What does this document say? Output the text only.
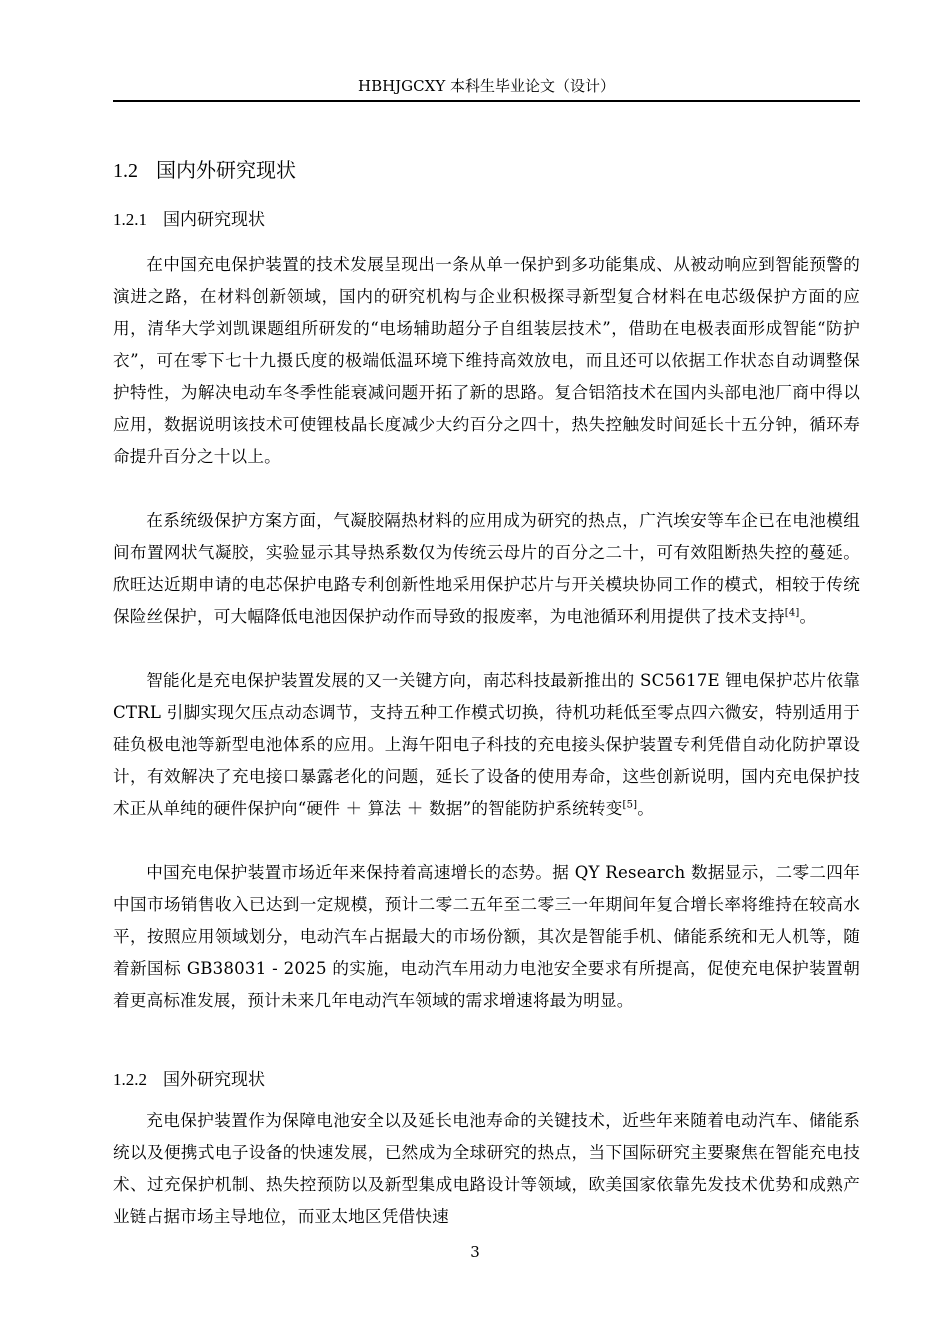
HBHJGCXY 本科生毕业论文（设计）
1.2 国内外研究现状
1.2.1 国内研究现状
在中国充电保护装置的技术发展呈现出一条从单一保护到多功能集成、从被动响应到智能预警的演进之路，在材料创新领域，国内的研究机构与企业积极探寻新型复合材料在电芯级保护方面的应用，清华大学刘凯课题组所研发的“电场辅助超分子自组装层技术”，借助在电极表面形成智能“防护衣”，可在零下七十九摄氏度的极端低温环境下维持高效放电，而且还可以依据工作状态自动调整保护特性，为解决电动车冬季性能衰减问题开拓了新的思路。复合铝箔技术在国内头部电池厂商中得以应用，数据说明该技术可使锂枝晶长度减少大约百分之四十，热失控触发时间延长十五分钟，循环寿命提升百分之十以上。
在系统级保护方案方面，气凝胶隔热材料的应用成为研究的热点，广汽埃安等车企已在电池模组间布置网状气凝胶，实验显示其导热系数仅为传统云母片的百分之二十，可有效阻断热失控的蔓延。欣旺达近期申请的电芯保护电路专利创新性地采用保护芯片与开关模块协同工作的模式，相较于传统保险丝保护，可大幅降低电池因保护动作而导致的报废率，为电池循环利用提供了技术支持[4]。
智能化是充电保护装置发展的又一关键方向，南芯科技最新推出的 SC5617E 锂电保护芯片依靠 CTRL 引脚实现欠压点动态调节，支持五种工作模式切换，待机功耗低至零点四六微安，特别适用于硅负极电池等新型电池体系的应用。上海午阳电子科技的充电接头保护装置专利凭借自动化防护罩设计，有效解决了充电接口暴露老化的问题，延长了设备的使用寿命，这些创新说明，国内充电保护技术正从单纯的硬件保护向“硬件 ＋ 算法 ＋ 数据”的智能防护系统转变[5]。
中国充电保护装置市场近年来保持着高速增长的态势。据 QY Research 数据显示，二零二四年中国市场销售收入已达到一定规模，预计二零二五年至二零三一年期间年复合增长率将维持在较高水平，按照应用领域划分，电动汽车占据最大的市场份额，其次是智能手机、储能系统和无人机等，随着新国标 GB38031 - 2025 的实施，电动汽车用动力电池安全要求有所提高，促使充电保护装置朝着更高标准发展，预计未来几年电动汽车领域的需求增速将最为明显。
1.2.2 国外研究现状
充电保护装置作为保障电池安全以及延长电池寿命的关键技术，近些年来随着电动汽车、储能系统以及便携式电子设备的快速发展，已然成为全球研究的热点，当下国际研究主要聚焦在智能充电技术、过充保护机制、热失控预防以及新型集成电路设计等领域，欧美国家依靠先发技术优势和成熟产业链占据市场主导地位，而亚太地区凭借快速
3
